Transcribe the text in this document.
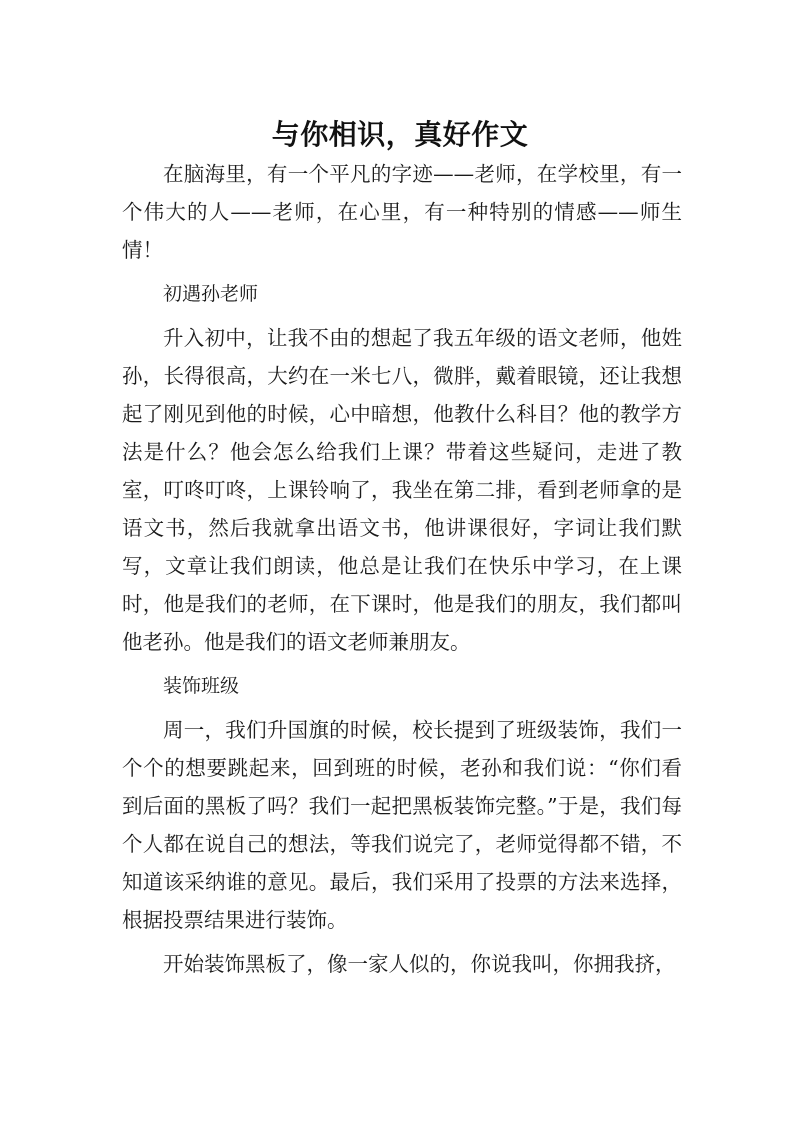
与你相识，真好作文

在脑海里，有一个平凡的字迹——老师，在学校里，有一个伟大的人——老师，在心里，有一种特别的情感——师生情！

初遇孙老师

升入初中，让我不由的想起了我五年级的语文老师，他姓孙，长得很高，大约在一米七八，微胖，戴着眼镜，还让我想起了刚见到他的时候，心中暗想，他教什么科目？他的教学方法是什么？他会怎么给我们上课？带着这些疑问，走进了教室，叮咚叮咚，上课铃响了，我坐在第二排，看到老师拿的是语文书，然后我就拿出语文书，他讲课很好，字词让我们默写，文章让我们朗读，他总是让我们在快乐中学习，在上课时，他是我们的老师，在下课时，他是我们的朋友，我们都叫他老孙。他是我们的语文老师兼朋友。

装饰班级

周一，我们升国旗的时候，校长提到了班级装饰，我们一个个的想要跳起来，回到班的时候，老孙和我们说：“你们看到后面的黑板了吗？我们一起把黑板装饰完整。”于是，我们每个人都在说自己的想法，等我们说完了，老师觉得都不错，不知道该采纳谁的意见。最后，我们采用了投票的方法来选择，根据投票结果进行装饰。

开始装饰黑板了，像一家人似的，你说我叫，你拥我挤，
